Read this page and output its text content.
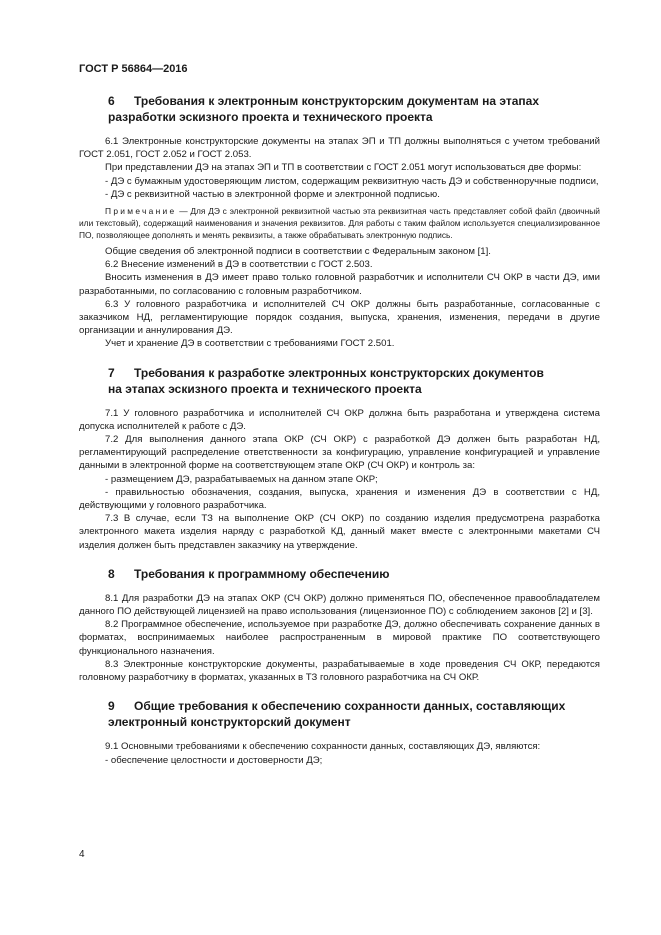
ГОСТ Р 56864—2016

6 Требования к электронным конструкторским документам на этапах

разработки эскизного проекта и технического проекта

6.1 Электронные конструкторские документы на этапах ЭП и ТП должны выполняться с учетом требований ГОСТ 2.051, ГОСТ 2.052 и ГОСТ 2.053.

При представлении ДЭ на этапах ЭП и ТП в соответствии с ГОСТ 2.051 могут использоваться две формы:

- ДЭ с бумажным удостоверяющим листом, содержащим реквизитную часть ДЭ и собственноручные подписи,

- ДЭ с реквизитной частью в электронной форме и электронной подписью.

Примечание — Для ДЭ с электронной реквизитной частью эта реквизитная часть представляет собой файл (двоичный или текстовый), содержащий наименования и значения реквизитов. Для работы с таким файлом используется специализированное ПО, позволяющее дополнять и менять реквизиты, а также обрабатывать электронную подпись.

Общие сведения об электронной подписи в соответствии с Федеральным законом [1].

6.2 Внесение изменений в ДЭ в соответствии с ГОСТ 2.503.

Вносить изменения в ДЭ имеет право только головной разработчик и исполнители СЧ ОКР в части ДЭ, ими разработанными, по согласованию с головным разработчиком.

6.3 У головного разработчика и исполнителей СЧ ОКР должны быть разработанные, согласованные с заказчиком НД, регламентирующие порядок создания, выпуска, хранения, изменения, передачи в другие организации и аннулирования ДЭ.

Учет и хранение ДЭ в соответствии с требованиями ГОСТ 2.501.

7 Требования к разработке электронных конструкторских документов

на этапах эскизного проекта и технического проекта

7.1 У головного разработчика и исполнителей СЧ ОКР должна быть разработана и утверждена система допуска исполнителей к работе с ДЭ.

7.2 Для выполнения данного этапа ОКР (СЧ ОКР) с разработкой ДЭ должен быть разработан НД, регламентирующий распределение ответственности за конфигурацию, управление конфигурацией и управление данными в электронной форме на соответствующем этапе ОКР (СЧ ОКР) и контроль за:

- размещением ДЭ, разрабатываемых на данном этапе ОКР;

- правильностью обозначения, создания, выпуска, хранения и изменения ДЭ в соответствии с НД, действующими у головного разработчика.

7.3 В случае, если ТЗ на выполнение ОКР (СЧ ОКР) по созданию изделия предусмотрена разработка электронного макета изделия наряду с разработкой КД, данный макет вместе с электронными макетами СЧ изделия должен быть представлен заказчику на утверждение.

8 Требования к программному обеспечению

8.1 Для разработки ДЭ на этапах ОКР (СЧ ОКР) должно применяться ПО, обеспеченное правообладателем данного ПО действующей лицензией на право использования (лицензионное ПО) с соблюдением законов [2] и [3].

8.2 Программное обеспечение, используемое при разработке ДЭ, должно обеспечивать сохранение данных в форматах, воспринимаемых наиболее распространенным в мировой практике ПО соответствующего функционального назначения.

8.3 Электронные конструкторские документы, разрабатываемые в ходе проведения СЧ ОКР, передаются головному разработчику в форматах, указанных в ТЗ головного разработчика на СЧ ОКР.

9 Общие требования к обеспечению сохранности данных, составляющих

электронный конструкторский документ

9.1 Основными требованиями к обеспечению сохранности данных, составляющих ДЭ, являются:

- обеспечение целостности и достоверности ДЭ;

4
